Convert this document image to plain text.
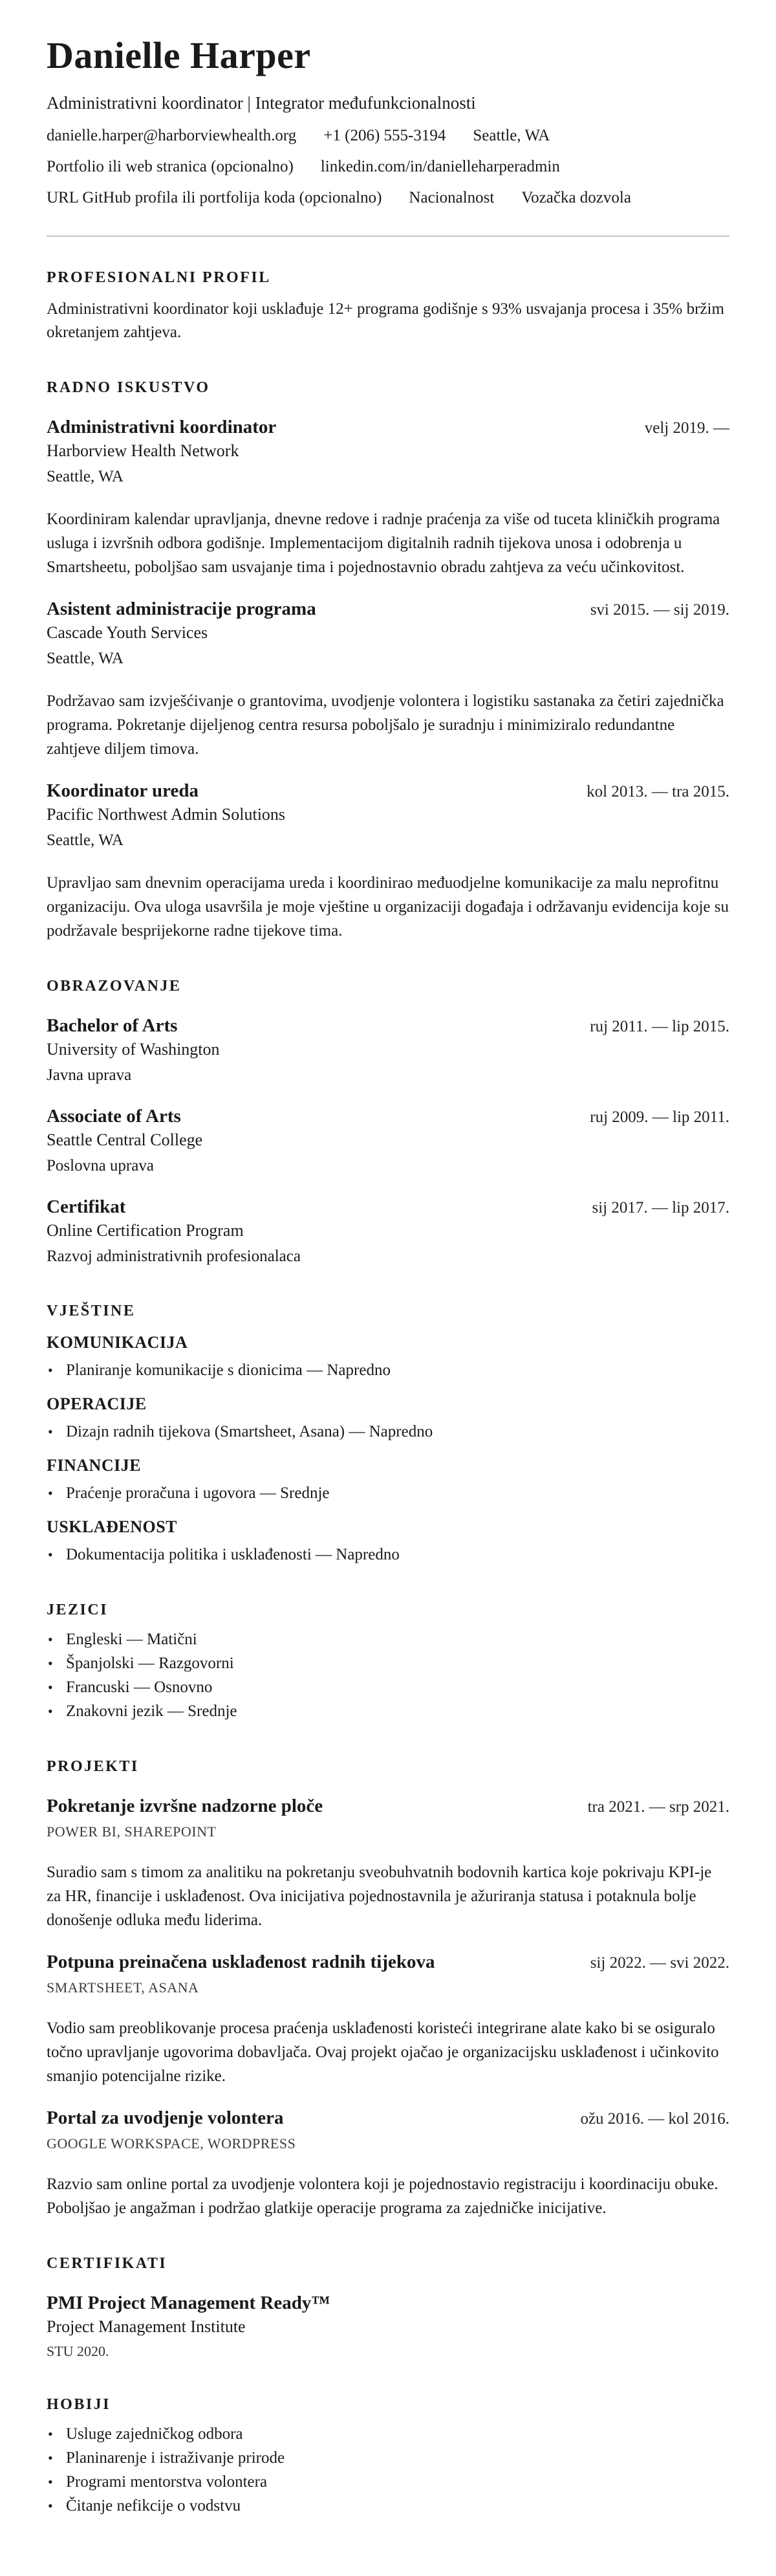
Danielle Harper
Administrativni koordinator | Integrator međufunkcionalnosti
danielle.harper@harborviewhealth.org +1 (206) 555-3194 Seattle, WA
Portfolio ili web stranica (opcionalno) linkedin.com/in/danielleharperadmin
URL GitHub profila ili portfolija koda (opcionalno) Nacionalnost Vozačka dozvola
PROFESIONALNI PROFIL

Administrativni koordinator koji usklađuje 12+ programa godišnje s 93% usvajanja procesa i 35% bržim okretanjem zahtjeva.

RADNO ISKUSTVO
Administrativni koordinator	velj 2019. —
Harborview Health Network
Seattle, WA

Koordiniram kalendar upravljanja, dnevne redove i radnje praćenja za više od tuceta kliničkih programa usluga i izvršnih odbora godišnje. Implementacijom digitalnih radnih tijekova unosa i odobrenja u Smartsheetu, poboljšao sam usvajanje tima i pojednostavnio obradu zahtjeva za veću učinkovitost.

Asistent administracije programa	svi 2015. — sij 2019.
Cascade Youth Services
Seattle, WA

Podržavao sam izvješćivanje o grantovima, uvodjenje volontera i logistiku sastanaka za četiri zajednička programa. Pokretanje dijeljenog centra resursa poboljšalo je suradnju i minimiziralo redundantne zahtjeve diljem timova.

Koordinator ureda	kol 2013. — tra 2015.
Pacific Northwest Admin Solutions
Seattle, WA

Upravljao sam dnevnim operacijama ureda i koordinirao međuodjelne komunikacije za malu neprofitnu organizaciju. Ova uloga usavršila je moje vještine u organizaciji događaja i održavanju evidencija koje su podržavale besprijekorne radne tijekove tima.

OBRAZOVANJE
Bachelor of Arts	ruj 2011. — lip 2015.
University of Washington
Javna uprava
Associate of Arts	ruj 2009. — lip 2011.
Seattle Central College
Poslovna uprava
Certifikat	sij 2017. — lip 2017.
Online Certification Program
Razvoj administrativnih profesionalaca
VJEŠTINE
KOMUNIKACIJA
• Planiranje komunikacije s dionicima — Napredno
OPERACIJE
• Dizajn radnih tijekova (Smartsheet, Asana) — Napredno
FINANCIJE
• Praćenje proračuna i ugovora — Srednje
USKLAĐENOST
• Dokumentacija politika i usklađenosti — Napredno
JEZICI
• Engleski — Matični
• Španjolski — Razgovorni
• Francuski — Osnovno
• Znakovni jezik — Srednje
PROJEKTI
Pokretanje izvršne nadzorne ploče	tra 2021. — srp 2021.
POWER BI, SHAREPOINT

Suradio sam s timom za analitiku na pokretanju sveobuhvatnih bodovnih kartica koje pokrivaju KPI-je za HR, financije i usklađenost. Ova inicijativa pojednostavnila je ažuriranja statusa i potaknula bolje donošenje odluka među liderima.

Potpuna preinačena usklađenost radnih tijekova	sij 2022. — svi 2022.
SMARTSHEET, ASANA

Vodio sam preoblikovanje procesa praćenja usklađenosti koristeći integrirane alate kako bi se osiguralo točno upravljanje ugovorima dobavljača. Ovaj projekt ojačao je organizacijsku usklađenost i učinkovito smanjio potencijalne rizike.

Portal za uvodjenje volontera	ožu 2016. — kol 2016.
GOOGLE WORKSPACE, WORDPRESS

Razvio sam online portal za uvodjenje volontera koji je pojednostavio registraciju i koordinaciju obuke. Poboljšao je angažman i podržao glatkije operacije programa za zajedničke inicijative.

CERTIFIKATI
PMI Project Management Ready™
Project Management Institute
STU 2020.
HOBIJI
• Usluge zajedničkog odbora
• Planinarenje i istraživanje prirode
• Programi mentorstva volontera
• Čitanje nefikcije o vodstvu
